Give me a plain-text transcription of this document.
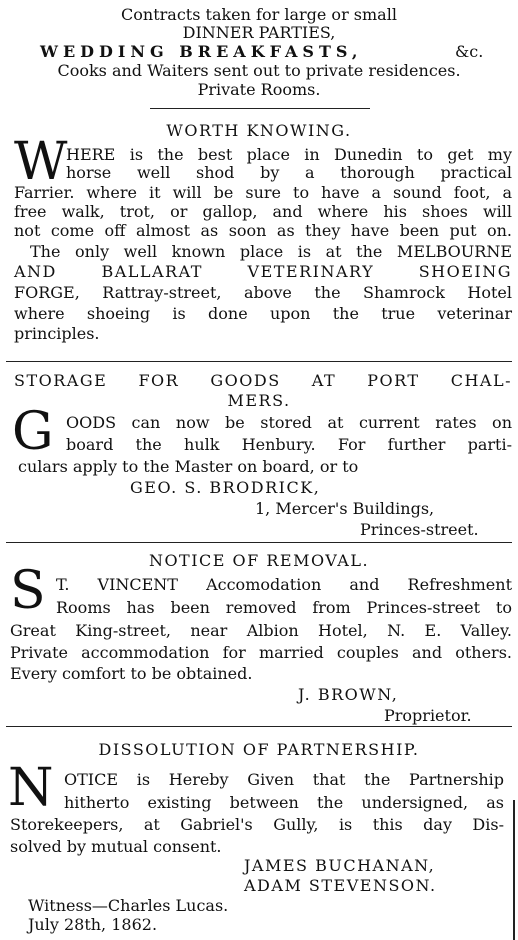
Contracts taken for large or small
DINNER PARTIES,
WEDDING BREAKFASTS,	&c.
Cooks and Waiters sent out to private residences.
Private Rooms.
WORTH KNOWING.
W
HERE is the best place in Dunedin to get my
horse well shod by a thorough practical
Farrier. where it will be sure to have a sound foot, a
free walk, trot, or gallop, and where his shoes will
not come off almost as soon as they have been put on.
The only well known place is at the MELBOURNE
AND BALLARAT VETERINARY SHOEING
FORGE, Rattray-street, above the Shamrock Hotel
where shoeing is done upon the true veterinar
principles.
STORAGE FOR GOODS AT PORT CHAL-
MERS.
G OODS can now be stored at current rates on
board the hulk Henbury. For further parti-
culars apply to the Master on board, or to
GEO. S. BRODRICK,
1, Mercer's Buildings,
Princes-street.
NOTICE OF REMOVAL.
S T. VINCENT Accomodation and Refreshment
Rooms has been removed from Princes-street to
Great King-street, near Albion Hotel, N. E. Valley.
Private accommodation for married couples and others.
Every comfort to be obtained.
J. BROWN,
Proprietor.
DISSOLUTION OF PARTNERSHIP.
N OTICE is Hereby Given that the Partnership
hitherto existing between the undersigned, as
Storekeepers, at Gabriel's Gully, is this day Dis-
solved by mutual consent.
JAMES BUCHANAN,
ADAM STEVENSON.
Witness—Charles Lucas.
July 28th, 1862.
